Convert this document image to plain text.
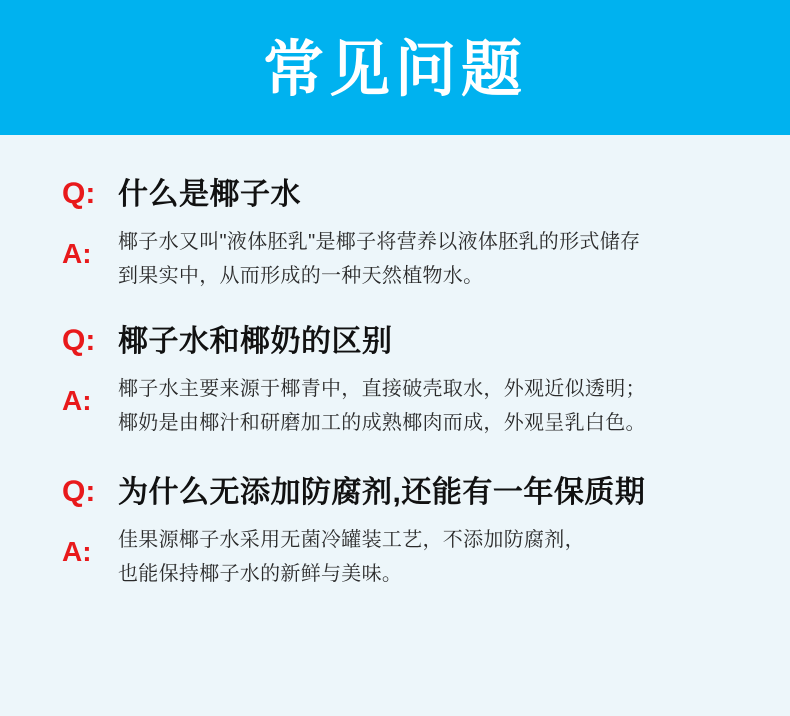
常见问题
Q: 什么是椰子水
A:	椰子水又叫"液体胚乳"是椰子将营养以液体胚乳的形式储存
到果实中，从而形成的一种天然植物水。
Q: 椰子水和椰奶的区别
A:	椰子水主要来源于椰青中，直接破壳取水，外观近似透明；
椰奶是由椰汁和研磨加工的成熟椰肉而成，外观呈乳白色。
Q: 为什么无添加防腐剂,还能有一年保质期
A:	佳果源椰子水采用无菌冷罐装工艺，不添加防腐剂，
也能保持椰子水的新鲜与美味。
